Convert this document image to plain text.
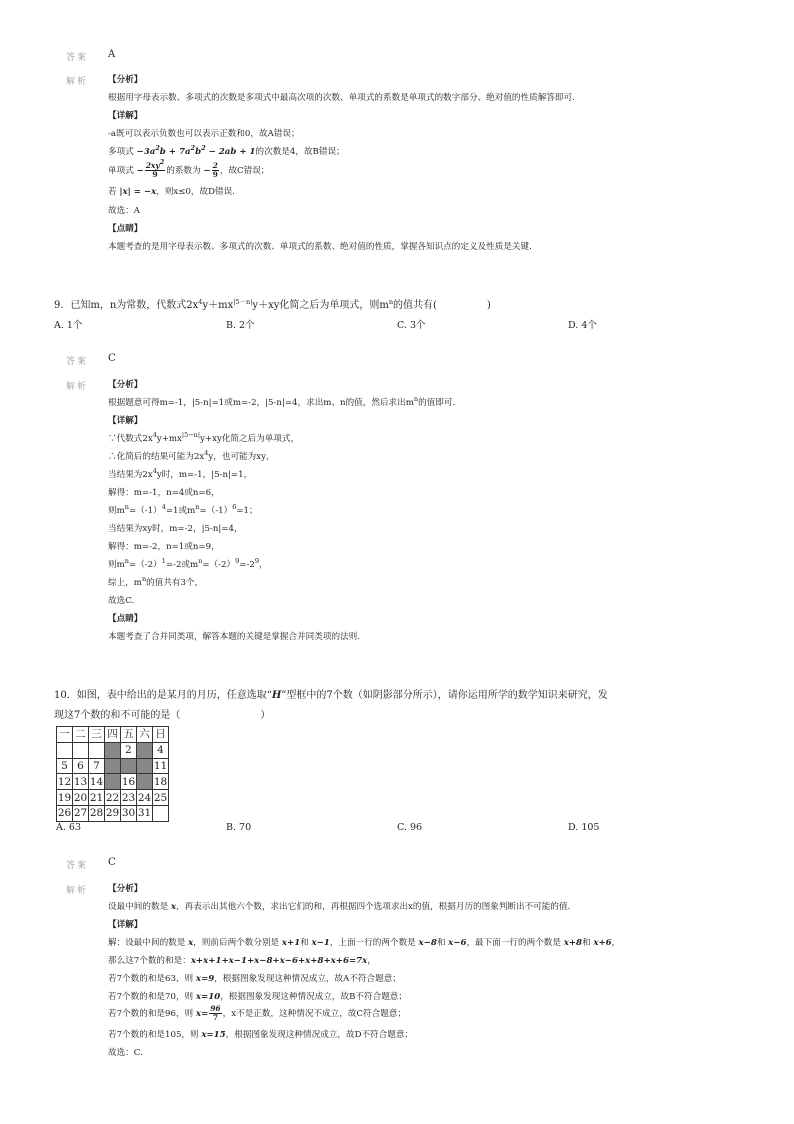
答案 A
解析 【分析】
根据用字母表示数、多项式的次数是多项式中最高次项的次数、单项式的系数是单项式的数字部分、绝对值的性质解答即可.
【详解】
-a既可以表示负数也可以表示正数和0，故A错误；
多项式 $-3a^2b + 7a^2b^2 - 2ab + 1$的次数是4，故B错误；
单项式 − $\frac{2xy^2}{9}$ 的系数为 − $\frac{2}{9}$ ，故C错误；
若 |x| = −x，则x≤0，故D错误.
故选：A
【点睛】
本题考查的是用字母表示数、多项式的次数、单项式的系数、绝对值的性质，掌握各知识点的定义及性质是关键.
9．已知m，n为常数，代数式$2x^4y+mx^{|5-n|}y+xy$化简之后为单项式，则$m^n$的值共有(　　　　　)
A. 1个	B. 2个	C. 3个	D. 4个
答案 C
解析 【分析】
根据题意可得m=-1，|5-n|=1或m=-2，|5-n|=4，求出m、n的值，然后求出$m^n$的值即可.
【详解】
∵代数式$2x^4y+mx^{|5-n|}y+xy$化简之后为单项式，
∴化简后的结果可能为$2x^4y$，也可能为xy，
当结果为$2x^4y$时，m=-1，|5-n|=1，
解得：m=-1，n=4或n=6，
则$m^n=(-1)^4=1$或$m^n=(-1)^6=1$；
当结果为xy时，m=-2，|5-n|=4，
解得：m=-2，n=1或n=9，
则$m^n=(-2)^1=-2$或$m^n=(-2)^9=-2^9$，
综上，$m^n$的值共有3个，
故选C.
【点睛】
本题考查了合并同类项，解答本题的关键是掌握合并同类项的法则.
10．如图，表中给出的是某月的月历，任意选取“H”型框中的7个数（如阴影部分所示），请你运用所学的数学知识来研究，发
现这7个数的和不可能的是（　　　　　　　　）
一	二	三	四	五	六	日
				2		4
5	6	7				11
12	13	14		16		18
19	20	21	22	23	24	25
26	27	28	29	30	31	
A. 63	B. 70	C. 96	D. 105
答案 C
解析 【分析】
设最中间的数是 x，再表示出其他六个数，求出它们的和，再根据四个选项求出x的值，根据月历的图象判断出不可能的值.
【详解】
解：设最中间的数是 x，则前后两个数分别是 x+1和 x−1，上面一行的两个数是 x−8和 x−6，最下面一行的两个数是 x+8和 x+6，
那么这7个数的和是：x+x+1+x−1+x−8+x−6+x+8+x+6=7x，
若7个数的和是63，则 x=9，根据图象发现这种情况成立，故A不符合题意；
若7个数的和是70，则 x=10，根据图象发现这种情况成立，故B不符合题意；
若7个数的和是96，则 $x= \frac{96}{7}$ ，x不是正数，这种情况不成立，故C符合题意；
若7个数的和是105，则 x=15，根据图象发现这种情况成立，故D不符合题意；
故选：C.
